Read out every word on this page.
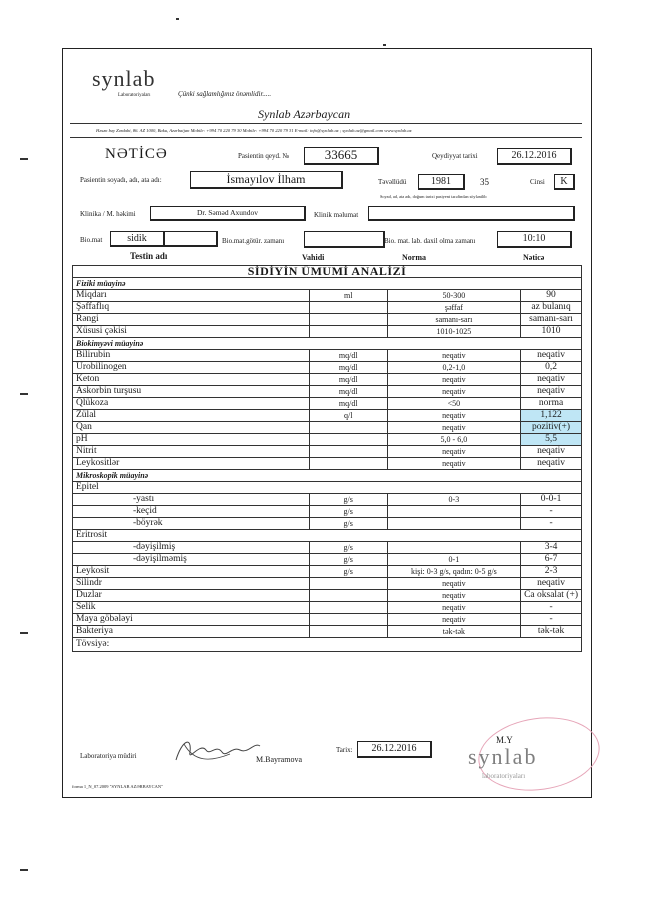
synlab
Laboratoriyaları	Çünki sağlamlığınız önəmlidir.....
Synlab Azərbaycan
Həsən bəy Zərdabi, 86. AZ 1000, Baku, Azərbaijan Mobile: +994 70 220 79 30 Mobile: +994 70 220 79 31 E-mail: info@synlab.az ; synlab.az@gmail.com www.synlab.az
NƏTİCƏ	Pasientin qeyd. №	33665	Qeydiyyat tarixi	26.12.2016
Pasientin soyadı, adı, ata adı:	İsmayılov İlham	Təvəllüdü	1981	35	Cinsi	K
Soyad, ad, ata adı, doğum tarixi pasiyent tərəfindən söylənilib
Klinika / M. həkimi	Dr. Səməd Axundov	Klinik məlumat
Bio.mat	sidik	Bio.mat.götür. zamanı	Bio. mat. lab. daxil olma zamanı	10:10
Testin adı	Vahidi	Norma	Nəticə
SİDİYİN ÜMUMİ ANALİZİ			
Fiziki müayinə			
Miqdarı	ml	50-300	90
Şəffaflıq		şəffaf	az bulanıq
Rəngi		samanı-sarı	samanı-sarı
Xüsusi çəkisi		1010-1025	1010
Biokimyəvi müayinə			
Bilirubin	mq/dl	neqativ	neqativ
Urobilinogen	mq/dl	0,2-1,0	0,2
Keton	mq/dl	neqativ	neqativ
Askorbin turşusu	mq/dl	neqativ	neqativ
Qlükoza	mq/dl	<50	norma
Zülal	q/l	neqativ	1,122
Qan		neqativ	pozitiv(+)
pH		5,0 - 6,0	5,5
Nitrit		neqativ	neqativ
Leykositlər		neqativ	neqativ
Mikroskopik müayinə			
Epitel			
-yastı	g/s	0-3	0-0-1
-keçid	g/s		-
-böyrək	g/s		-
Eritrosit			
-dəyişilmiş	g/s		3-4
-dəyişilməmiş	g/s	0-1	6-7
Leykosit	g/s	kişi: 0-3 g/s, qadın: 0-5 g/s	2-3
Silindr		neqativ	neqativ
Duzlar		neqativ	Ca oksalat (+)
Selik		neqativ	-
Maya göbələyi		neqativ	-
Bakteriya		tək-tək	tək-tək
Tövsiyə:			
Laboratoriya müdiri	M.Bayramova
Tarix:	26.12.2016
M.Y
synlab
laboratoriyaları
forma 1_N_07.2009 "SYNLAB AZƏRBAYCAN"
